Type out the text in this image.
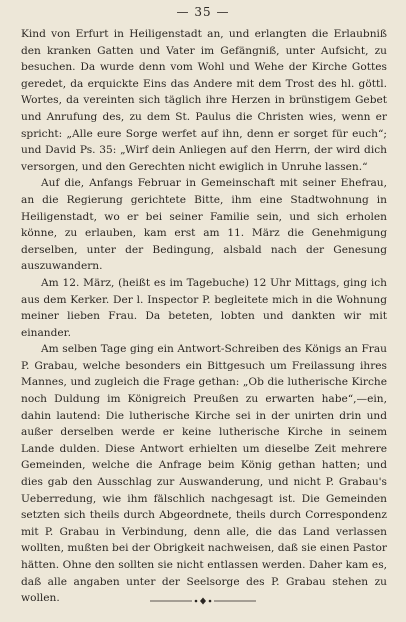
— 35 —

Kind von Erfurt in Heiligenstadt an, und erlangten die Erlaubniß den kranken Gatten und Vater im Gefängniß, unter Aufsicht, zu besuchen. Da wurde denn vom Wohl und Wehe der Kirche Gottes geredet, da erquickte Eins das Andere mit dem Trost des hl. göttl. Wortes, da vereinten sich täglich ihre Herzen in brünstigem Gebet und Anrufung des, zu dem St. Paulus die Christen wies, wenn er spricht: „Alle eure Sorge werfet auf ihn, denn er sorget für euch“; und David Ps. 35: „Wirf dein Anliegen auf den Herrn, der wird dich versorgen, und den Gerechten nicht ewiglich in Unruhe lassen.“

Auf die, Anfangs Februar in Gemeinschaft mit seiner Ehefrau, an die Regierung gerichtete Bitte, ihm eine Stadtwohnung in Heiligenstadt, wo er bei seiner Familie sein, und sich erholen könne, zu erlauben, kam erst am 11. März die Genehmigung derselben, unter der Bedingung, alsbald nach der Genesung auszuwandern.

Am 12. März, (heißt es im Tagebuche) 12 Uhr Mittags, ging ich aus dem Kerker. Der l. Inspector P. begleitete mich in die Wohnung meiner lieben Frau. Da beteten, lobten und dankten wir mit einander.

Am selben Tage ging ein Antwort-Schreiben des Königs an Frau P. Grabau, welche besonders ein Bittgesuch um Freilassung ihres Mannes, und zugleich die Frage gethan: „Ob die lutherische Kirche noch Duldung im Königreich Preußen zu erwarten habe“,—ein, dahin lautend: Die lutherische Kirche sei in der unirten drin und außer derselben werde er keine lutherische Kirche in seinem Lande dulden. Diese Antwort erhielten um dieselbe Zeit mehrere Gemeinden, welche die Anfrage beim König gethan hatten; und dies gab den Ausschlag zur Auswanderung, und nicht P. Grabau's Ueberredung, wie ihm fälschlich nachgesagt ist. Die Gemeinden setzten sich theils durch Abgeordnete, theils durch Correspondenz mit P. Grabau in Verbindung, denn alle, die das Land verlassen wollten, mußten bei der Obrigkeit nachweisen, daß sie einen Pastor hätten. Ohne den sollten sie nicht entlassen werden. Daher kam es, daß alle angaben unter der Seelsorge des P. Grabau stehen zu wollen.
